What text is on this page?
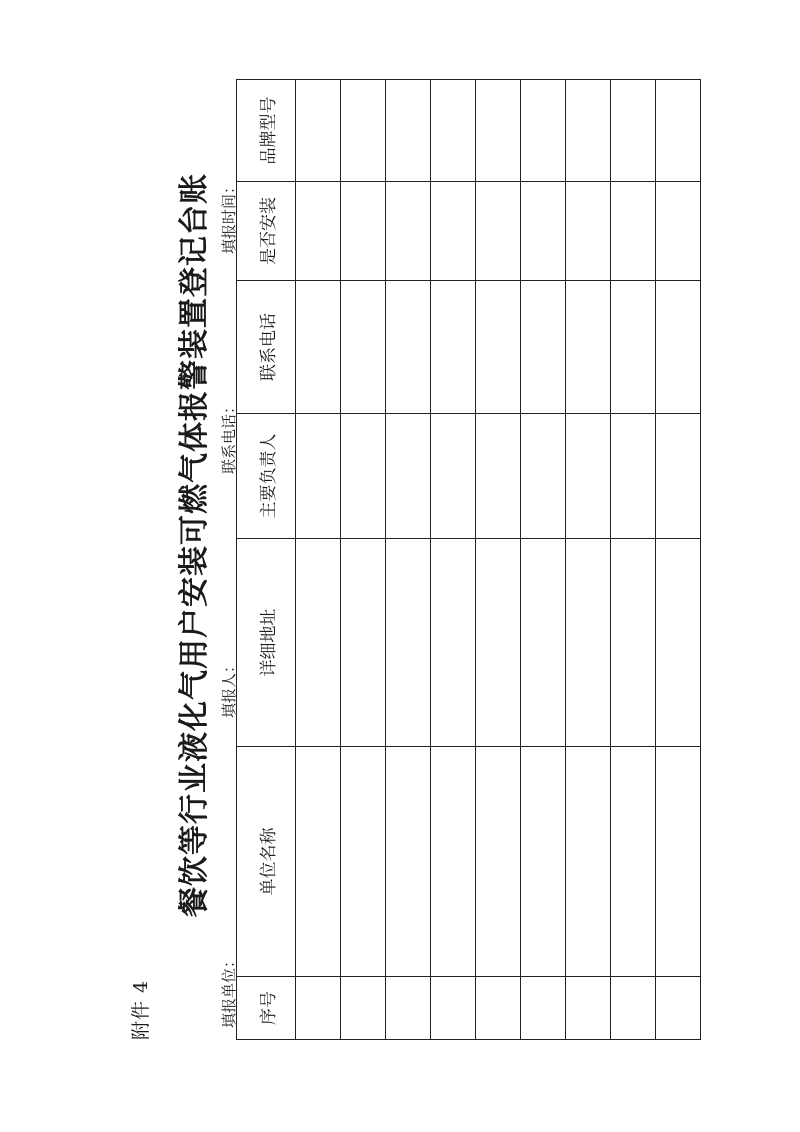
附件 4
餐饮等行业液化气用户安装可燃气体报警装置登记台账
填报单位：
填报人：
联系电话：
填报时间：
序号	单位名称	详细地址	主要负责人	联系电话	是否安装	品牌型号
